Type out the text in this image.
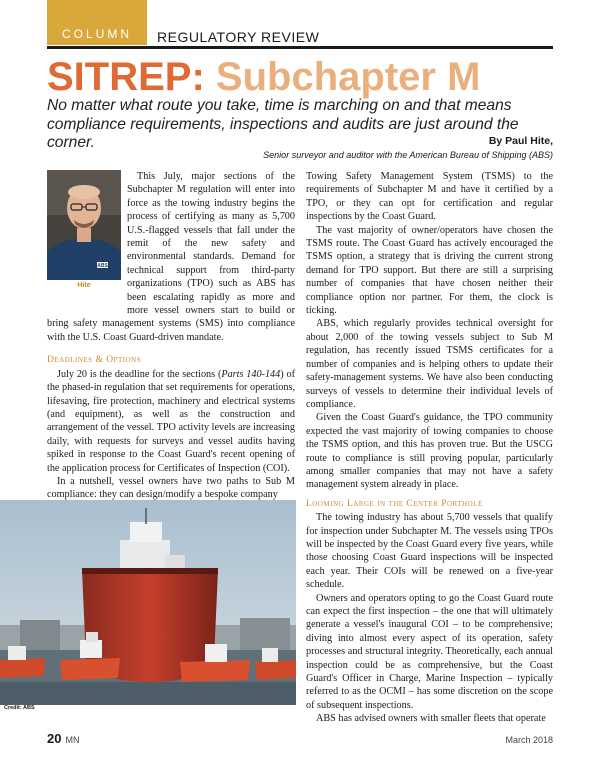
COLUMN	REGULATORY REVIEW
SITREP: Subchapter M
No matter what route you take, time is marching on and that means compliance requirements, inspections and audits are just around the corner.	By Paul Hite,
Senior surveyor and auditor with the American Bureau of Shipping (ABS)
ABS
Hite

This July, major sections of the Subchapter M regulation will enter into force as the towing industry begins the process of certifying as many as 5,700 U.S.-flagged vessels that fall under the remit of the new safety and environmental standards. Demand for technical support from third-party organizations (TPO) such as ABS has been escalating rapidly as more and more vessel owners start to build or bring safety management systems (SMS) into compliance with the U.S. Coast Guard-driven mandate.

Deadlines & Options

July 20 is the deadline for the sections (Parts 140-144) of the phased-in regulation that set requirements for operations, lifesaving, fire protection, machinery and electrical systems (and equipment), as well as the construction and arrangement of the vessel. TPO activity levels are increasing daily, with requests for surveys and vessel audits having spiked in response to the Coast Guard's recent opening of the application process for Certificates of Inspection (COI).

In a nutshell, vessel owners have two paths to Sub M compliance: they can design/modify a bespoke company

Towing Safety Management System (TSMS) to the requirements of Subchapter M and have it certified by a TPO, or they can opt for certification and regular inspections by the Coast Guard.

The vast majority of owner/operators have chosen the TSMS route. The Coast Guard has actively encouraged the TSMS option, a strategy that is driving the current strong demand for TPO support. But there are still a surprising number of companies that have chosen neither their compliance option nor partner. For them, the clock is ticking.

ABS, which regularly provides technical oversight for about 2,000 of the towing vessels subject to Sub M regulation, has recently issued TSMS certificates for a number of companies and is helping others to update their safety-management systems. We have also been conducting surveys of vessels to determine their individual levels of compliance.

Given the Coast Guard's guidance, the TPO community expected the vast majority of towing companies to choose the TSMS option, and this has proven true. But the USCG route to compliance is still proving popular, particularly among smaller companies that may not have a safety management system already in place.

Looming Large in the Center Porthole

The towing industry has about 5,700 vessels that qualify for inspection under Subchapter M. The vessels using TPOs will be inspected by the Coast Guard every five years, while those choosing Coast Guard inspections will be inspected each year. Their COIs will be renewed on a five-year schedule.

Owners and operators opting to go the Coast Guard route can expect the first inspection – the one that will ultimately generate a vessel's inaugural COI – to be comprehensive; diving into almost every aspect of its operation, safety processes and structural integrity. Theoretically, each annual inspection could be as comprehensive, but the Coast Guard's Officer in Charge, Marine Inspection – typically referred to as the OCMI – has some discretion on the scope of subsequent inspections.

ABS has advised owners with smaller fleets that operate

Credit: ABS
20 MN	March 2018
